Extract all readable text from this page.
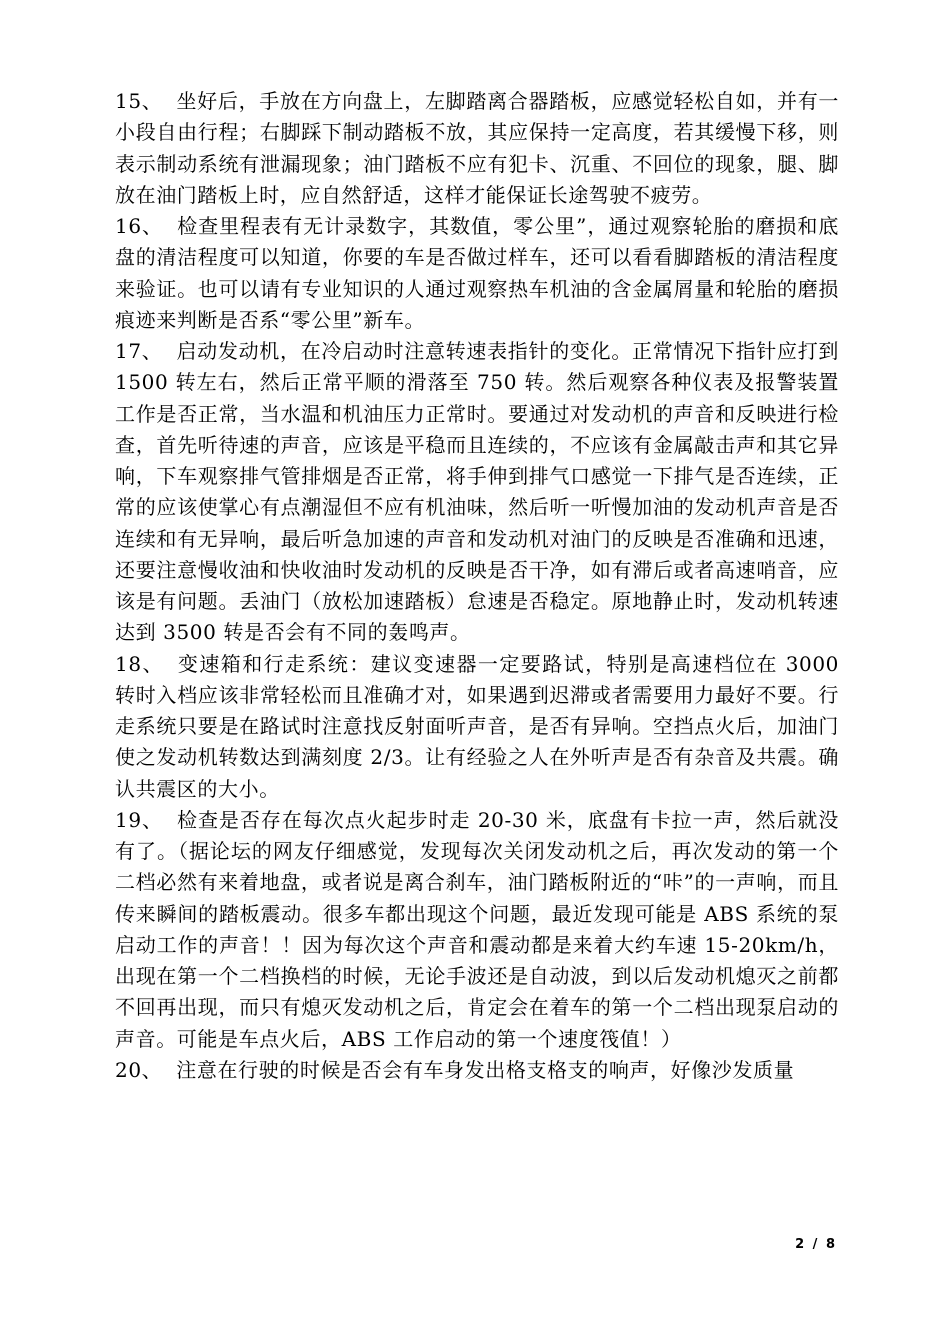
15、 坐好后，手放在方向盘上，左脚踏离合器踏板，应感觉轻松自如，并有一小段自由行程；右脚踩下制动踏板不放，其应保持一定高度，若其缓慢下移，则表示制动系统有泄漏现象；油门踏板不应有犯卡、沉重、不回位的现象，腿、脚放在油门踏板上时，应自然舒适，这样才能保证长途驾驶不疲劳。

16、 检查里程表有无计录数字，其数值，零公里”，通过观察轮胎的磨损和底盘的清洁程度可以知道，你要的车是否做过样车，还可以看看脚踏板的清洁程度来验证。也可以请有专业知识的人通过观察热车机油的含金属屑量和轮胎的磨损痕迹来判断是否系“零公里”新车。

17、 启动发动机，在冷启动时注意转速表指针的变化。正常情况下指针应打到 1500 转左右，然后正常平顺的滑落至 750 转。然后观察各种仪表及报警装置工作是否正常，当水温和机油压力正常时。要通过对发动机的声音和反映进行检查，首先听待速的声音，应该是平稳而且连续的，不应该有金属敲击声和其它异响，下车观察排气管排烟是否正常，将手伸到排气口感觉一下排气是否连续，正常的应该使掌心有点潮湿但不应有机油味，然后听一听慢加油的发动机声音是否连续和有无异响，最后听急加速的声音和发动机对油门的反映是否准确和迅速，还要注意慢收油和快收油时发动机的反映是否干净，如有滞后或者高速哨音，应该是有问题。丢油门（放松加速踏板）怠速是否稳定。原地静止时，发动机转速达到 3500 转是否会有不同的轰鸣声。

18、 变速箱和行走系统：建议变速器一定要路试，特别是高速档位在 3000 转时入档应该非常轻松而且准确才对，如果遇到迟滞或者需要用力最好不要。行走系统只要是在路试时注意找反射面听声音，是否有异响。空挡点火后，加油门使之发动机转数达到满刻度 2/3。让有经验之人在外听声是否有杂音及共震。确认共震区的大小。

19、 检查是否存在每次点火起步时走 20-30 米，底盘有卡拉一声，然后就没有了。（据论坛的网友仔细感觉，发现每次关闭发动机之后，再次发动的第一个二档必然有来着地盘，或者说是离合刹车，油门踏板附近的“咔”的一声响，而且传来瞬间的踏板震动。很多车都出现这个问题，最近发现可能是 ABS 系统的泵启动工作的声音！！因为每次这个声音和震动都是来着大约车速 15-20km/h，出现在第一个二档换档的时候，无论手波还是自动波，到以后发动机熄灭之前都不回再出现，而只有熄灭发动机之后，肯定会在着车的第一个二档出现泵启动的声音。可能是车点火后，ABS 工作启动的第一个速度筏值！）

20、 注意在行驶的时候是否会有车身发出格支格支的响声，好像沙发质量

2 / 8
